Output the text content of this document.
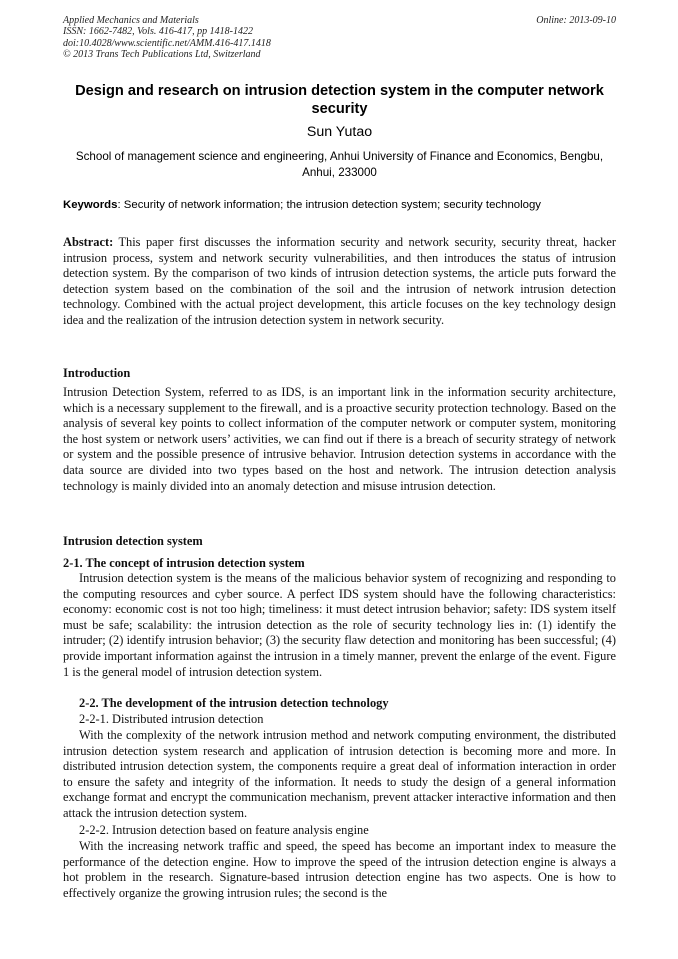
Applied Mechanics and Materials
ISSN: 1662-7482, Vols. 416-417, pp 1418-1422
doi:10.4028/www.scientific.net/AMM.416-417.1418
© 2013 Trans Tech Publications Ltd, Switzerland
Online: 2013-09-10
Design and research on intrusion detection system in the computer network security
Sun Yutao
School of management science and engineering, Anhui University of Finance and Economics, Bengbu, Anhui, 233000
Keywords: Security of network information; the intrusion detection system; security technology
Abstract: This paper first discusses the information security and network security, security threat, hacker intrusion process, system and network security vulnerabilities, and then introduces the status of intrusion detection system. By the comparison of two kinds of intrusion detection systems, the article puts forward the detection system based on the combination of the soil and the intrusion of network intrusion detection technology. Combined with the actual project development, this article focuses on the key technology design idea and the realization of the intrusion detection system in network security.
Introduction
Intrusion Detection System, referred to as IDS, is an important link in the information security architecture, which is a necessary supplement to the firewall, and is a proactive security protection technology. Based on the analysis of several key points to collect information of the computer network or computer system, monitoring the host system or network users’ activities, we can find out if there is a breach of security strategy of network or system and the possible presence of intrusive behavior. Intrusion detection systems in accordance with the data source are divided into two types based on the host and network. The intrusion detection analysis technology is mainly divided into an anomaly detection and misuse intrusion detection.
Intrusion detection system
2-1. The concept of intrusion detection system
Intrusion detection system is the means of the malicious behavior system of recognizing and responding to the computing resources and cyber source. A perfect IDS system should have the following characteristics: economy: economic cost is not too high; timeliness: it must detect intrusion behavior; safety: IDS system itself must be safe; scalability: the intrusion detection as the role of security technology lies in: (1) identify the intruder; (2) identify intrusion behavior; (3) the security flaw detection and monitoring has been successful; (4) provide important information against the intrusion in a timely manner, prevent the enlarge of the event. Figure 1 is the general model of intrusion detection system.
2-2. The development of the intrusion detection technology
2-2-1. Distributed intrusion detection
With the complexity of the network intrusion method and network computing environment, the distributed intrusion detection system research and application of intrusion detection is becoming more and more. In distributed intrusion detection system, the components require a great deal of information interaction in order to ensure the safety and integrity of the information. It needs to study the design of a general information exchange format and encrypt the communication mechanism, prevent attacker interactive information and then attack the intrusion detection system.
2-2-2. Intrusion detection based on feature analysis engine
With the increasing network traffic and speed, the speed has become an important index to measure the performance of the detection engine. How to improve the speed of the intrusion detection engine is always a hot problem in the research. Signature-based intrusion detection engine has two aspects. One is how to effectively organize the growing intrusion rules; the second is the
